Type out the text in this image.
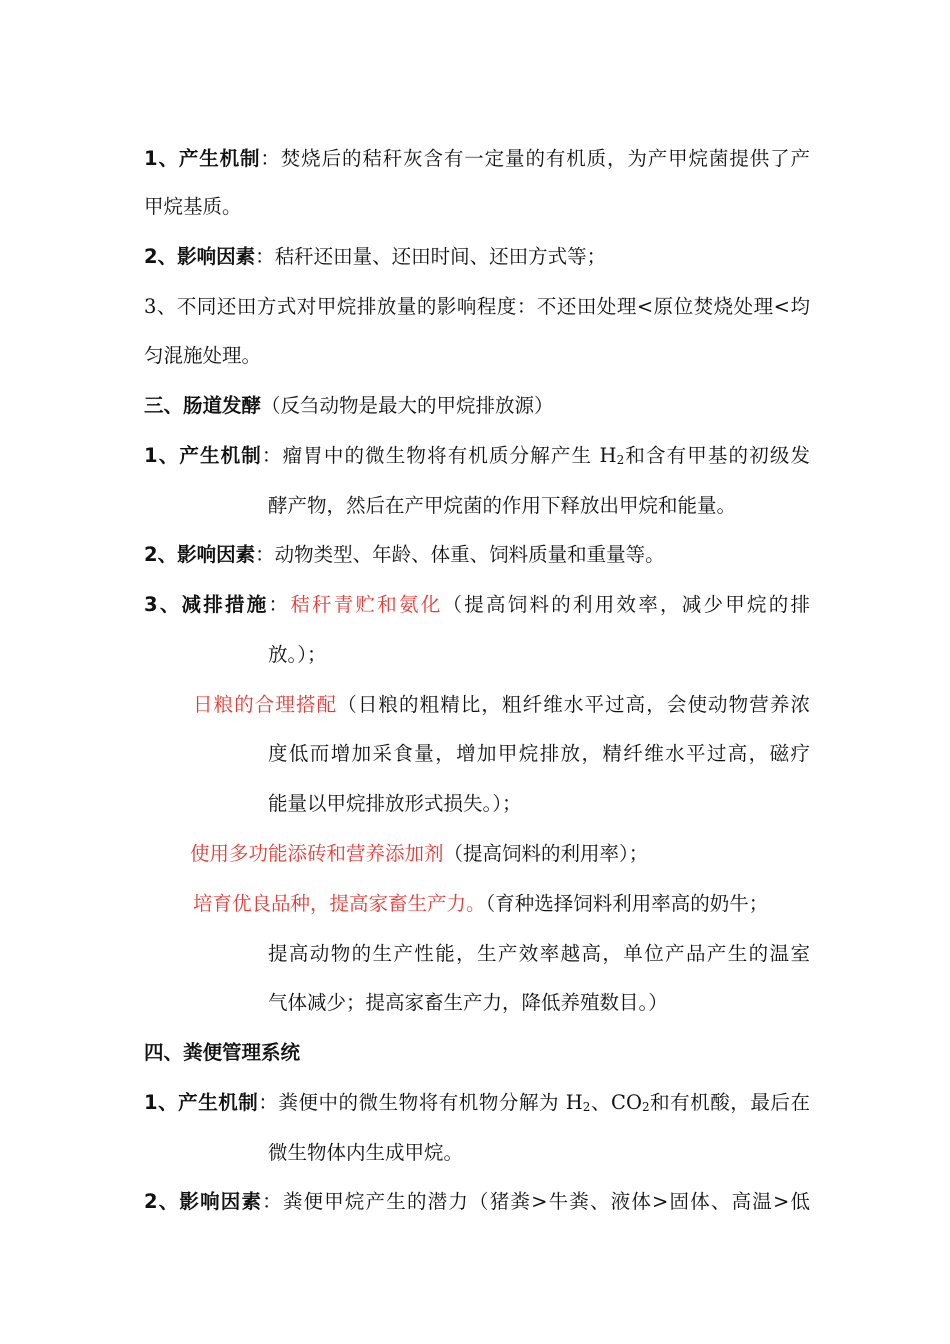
1、产生机制：焚烧后的秸秆灰含有一定量的有机质，为产甲烷菌提供了产
甲烷基质。
2、影响因素：秸秆还田量、还田时间、还田方式等；
3、不同还田方式对甲烷排放量的影响程度：不还田处理<原位焚烧处理<均
匀混施处理。
三、肠道发酵（反刍动物是最大的甲烷排放源）
1、产生机制：瘤胃中的微生物将有机质分解产生 $H_2$和含有甲基的初级发
酵产物，然后在产甲烷菌的作用下释放出甲烷和能量。
2、影响因素：动物类型、年龄、体重、饲料质量和重量等。
3、减排措施：秸秆青贮和氨化（提高饲料的利用效率，减少甲烷的排
放。）；
日粮的合理搭配（日粮的粗精比，粗纤维水平过高，会使动物营养浓
度低而增加采食量，增加甲烷排放，精纤维水平过高，磁疗
能量以甲烷排放形式损失。）；
使用多功能添砖和营养添加剂（提高饲料的利用率）；
培育优良品种，提高家畜生产力。（育种选择饲料利用率高的奶牛；
提高动物的生产性能，生产效率越高，单位产品产生的温室
气体减少；提高家畜生产力，降低养殖数目。）
四、粪便管理系统
1、产生机制：粪便中的微生物将有机物分解为 $H_2$、$CO_2$和有机酸，最后在
微生物体内生成甲烷。
2、影响因素：粪便甲烷产生的潜力（猪粪>牛粪、液体>固体、高温>低
